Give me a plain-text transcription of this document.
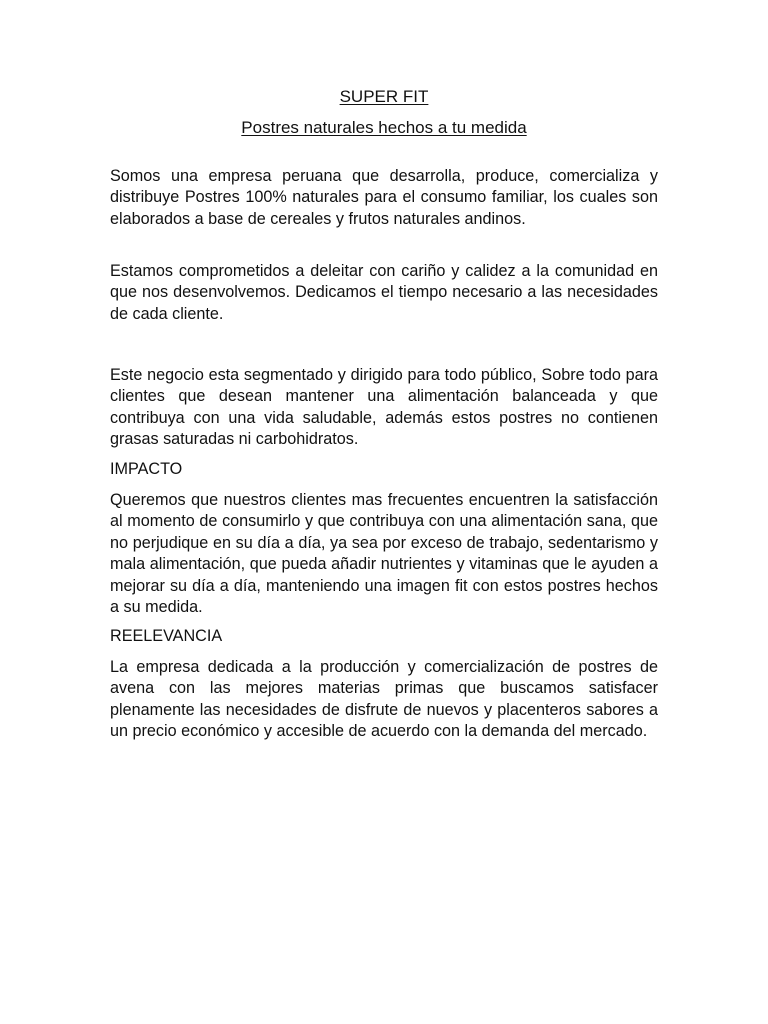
SUPER FIT
Postres naturales hechos a tu medida

Somos una empresa peruana que desarrolla, produce, comercializa y distribuye Postres 100% naturales para el consumo familiar, los cuales son elaborados a base de cereales y frutos naturales andinos.

Estamos comprometidos a deleitar con cariño y calidez a la comunidad en que nos desenvolvemos. Dedicamos el tiempo necesario a las necesidades de cada cliente.

Este negocio esta segmentado y dirigido para todo público, Sobre todo para clientes que desean mantener una alimentación balanceada y que contribuya con una vida saludable, además estos postres no contienen grasas saturadas ni carbohidratos.

IMPACTO

Queremos que nuestros clientes mas frecuentes encuentren la satisfacción al momento de consumirlo y que contribuya con una alimentación sana, que no perjudique en su día a día, ya sea por exceso de trabajo, sedentarismo y mala alimentación, que pueda añadir nutrientes y vitaminas que le ayuden a mejorar su día a día, manteniendo una imagen fit con estos postres hechos a su medida.

REELEVANCIA

La empresa dedicada a la producción y comercialización de postres de avena con las mejores materias primas que buscamos satisfacer plenamente las necesidades de disfrute de nuevos y placenteros sabores a un precio económico y accesible de acuerdo con la demanda del mercado.
